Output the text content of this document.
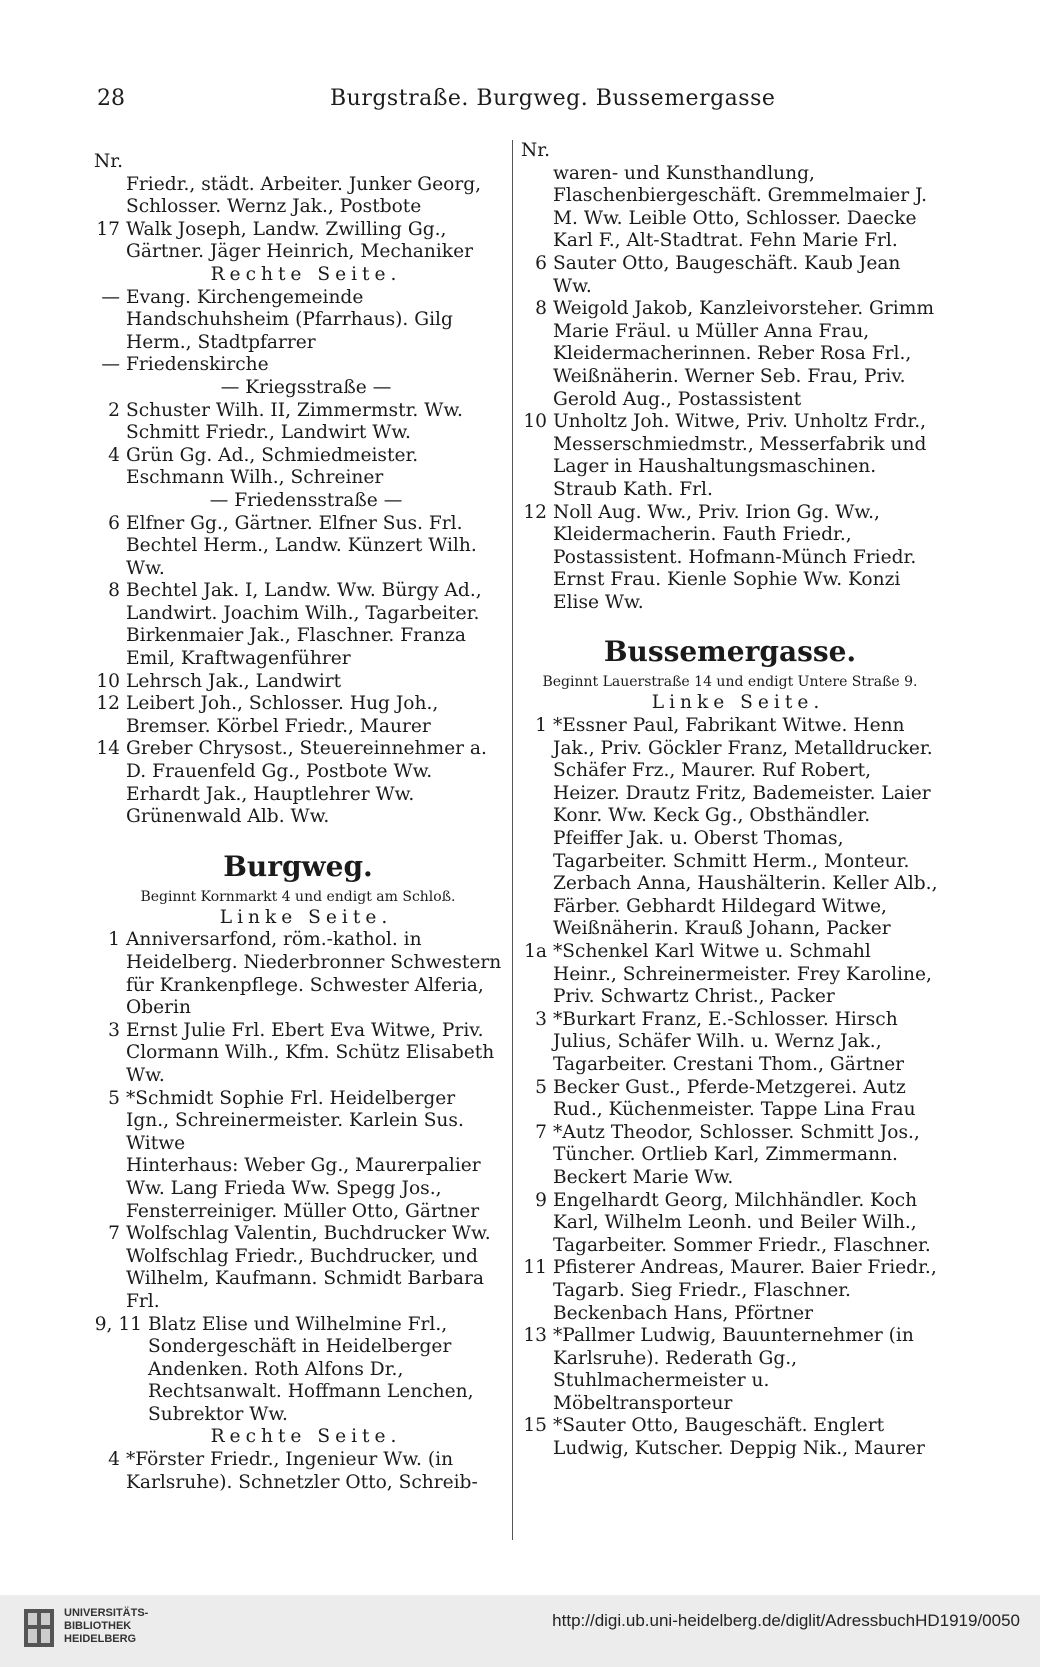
28	Burgstraße. Burgweg. Bussemergasse
Nr.
Friedr., städt. Arbeiter. Junker Georg, Schlosser. Wernz Jak., Postbote
17 Walk Joseph, Landw. Zwilling Gg., Gärtner. Jäger Heinrich, Mechaniker
Rechte Seite.
— Evang. Kirchengemeinde Handschuhsheim (Pfarrhaus). Gilg Herm., Stadtpfarrer
— Friedenskirche
— Kriegsstraße —
2 Schuster Wilh. II, Zimmermstr. Ww. Schmitt Friedr., Landwirt Ww.
4 Grün Gg. Ad., Schmiedmeister. Eschmann Wilh., Schreiner
— Friedensstraße —
6 Elfner Gg., Gärtner. Elfner Sus. Frl. Bechtel Herm., Landw. Künzert Wilh. Ww.
8 Bechtel Jak. I, Landw. Ww. Bürgy Ad., Landwirt. Joachim Wilh., Tagarbeiter. Birkenmaier Jak., Flaschner. Franza Emil, Kraftwagenführer
10 Lehrsch Jak., Landwirt
12 Leibert Joh., Schlosser. Hug Joh., Bremser. Körbel Friedr., Maurer
14 Greber Chrysost., Steuereinnehmer a. D. Frauenfeld Gg., Postbote Ww. Erhardt Jak., Hauptlehrer Ww. Grünenwald Alb. Ww.
Burgweg.
Beginnt Kornmarkt 4 und endigt am Schloß.
Linke Seite.
1 Anniversarfond, röm.-kathol. in Heidelberg. Niederbronner Schwestern für Krankenpflege. Schwester Alferia, Oberin
3 Ernst Julie Frl. Ebert Eva Witwe, Priv. Clormann Wilh., Kfm. Schütz Elisabeth Ww.
5 *Schmidt Sophie Frl. Heidelberger Ign., Schreinermeister. Karlein Sus. Witwe
Hinterhaus: Weber Gg., Maurerpalier Ww. Lang Frieda Ww. Spegg Jos., Fensterreiniger. Müller Otto, Gärtner
7 Wolfschlag Valentin, Buchdrucker Ww. Wolfschlag Friedr., Buchdrucker, und Wilhelm, Kaufmann. Schmidt Barbara Frl.
9, 11 Blatz Elise und Wilhelmine Frl., Sondergeschäft in Heidelberger Andenken. Roth Alfons Dr., Rechtsanwalt. Hoffmann Lenchen, Subrektor Ww.
Rechte Seite.
4 *Förster Friedr., Ingenieur Ww. (in Karlsruhe). Schnetzler Otto, Schreib-
Nr.
waren- und Kunsthandlung, Flaschenbiergeschäft. Gremmelmaier J. M. Ww. Leible Otto, Schlosser. Daecke Karl F., Alt-Stadtrat. Fehn Marie Frl.
6 Sauter Otto, Baugeschäft. Kaub Jean Ww.
8 Weigold Jakob, Kanzleivorsteher. Grimm Marie Fräul. u Müller Anna Frau, Kleidermacherinnen. Reber Rosa Frl., Weißnäherin. Werner Seb. Frau, Priv. Gerold Aug., Postassistent
10 Unholtz Joh. Witwe, Priv. Unholtz Frdr., Messerschmiedmstr., Messerfabrik und Lager in Haushaltungsmaschinen. Straub Kath. Frl.
12 Noll Aug. Ww., Priv. Irion Gg. Ww., Kleidermacherin. Fauth Friedr., Postassistent. Hofmann-Münch Friedr. Ernst Frau. Kienle Sophie Ww. Konzi Elise Ww.
Bussemergasse.
Beginnt Lauerstraße 14 und endigt Untere Straße 9.
Linke Seite.
1 *Essner Paul, Fabrikant Witwe. Henn Jak., Priv. Göckler Franz, Metalldrucker. Schäfer Frz., Maurer. Ruf Robert, Heizer. Drautz Fritz, Bademeister. Laier Konr. Ww. Keck Gg., Obsthändler. Pfeiffer Jak. u. Oberst Thomas, Tagarbeiter. Schmitt Herm., Monteur. Zerbach Anna, Haushälterin. Keller Alb., Färber. Gebhardt Hildegard Witwe, Weißnäherin. Krauß Johann, Packer
1a *Schenkel Karl Witwe u. Schmahl Heinr., Schreinermeister. Frey Karoline, Priv. Schwartz Christ., Packer
3 *Burkart Franz, E.-Schlosser. Hirsch Julius, Schäfer Wilh. u. Wernz Jak., Tagarbeiter. Crestani Thom., Gärtner
5 Becker Gust., Pferde-Metzgerei. Autz Rud., Küchenmeister. Tappe Lina Frau
7 *Autz Theodor, Schlosser. Schmitt Jos., Tüncher. Ortlieb Karl, Zimmermann. Beckert Marie Ww.
9 Engelhardt Georg, Milchhändler. Koch Karl, Wilhelm Leonh. und Beiler Wilh., Tagarbeiter. Sommer Friedr., Flaschner.
11 Pfisterer Andreas, Maurer. Baier Friedr., Tagarb. Sieg Friedr., Flaschner. Beckenbach Hans, Pförtner
13 *Pallmer Ludwig, Bauunternehmer (in Karlsruhe). Rederath Gg., Stuhlmachermeister u. Möbeltransporteur
15 *Sauter Otto, Baugeschäft. Englert Ludwig, Kutscher. Deppig Nik., Maurer
UNIVERSITÄTS-
BIBLIOTHEK
HEIDELBERG
http://digi.ub.uni-heidelberg.de/diglit/AdressbuchHD1919/0050
